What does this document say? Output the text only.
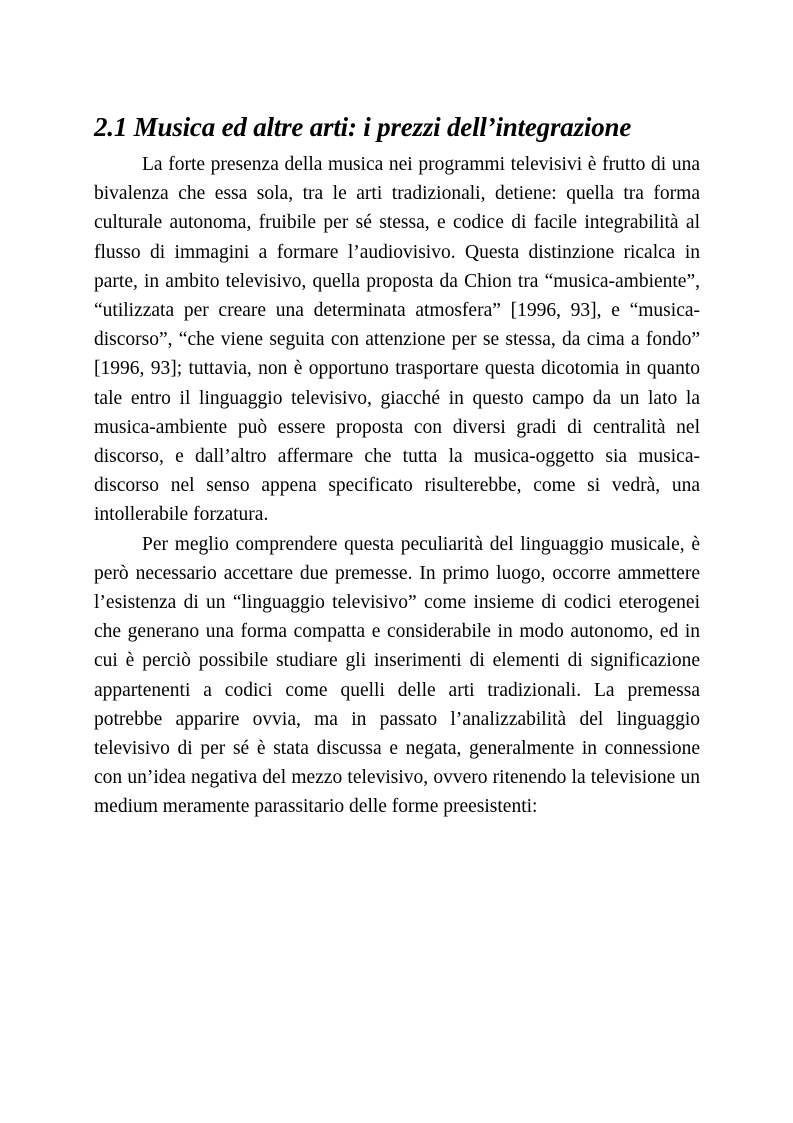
2.1 Musica ed altre arti: i prezzi dell’integrazione

La forte presenza della musica nei programmi televisivi è frutto di una bivalenza che essa sola, tra le arti tradizionali, detiene: quella tra forma culturale autonoma, fruibile per sé stessa, e codice di facile integrabilità al flusso di immagini a formare l’audiovisivo. Questa distinzione ricalca in parte, in ambito televisivo, quella proposta da Chion tra “musica-ambiente”, “utilizzata per creare una determinata atmosfera” [1996, 93], e “musica-discorso”, “che viene seguita con attenzione per se stessa, da cima a fondo” [1996, 93]; tuttavia, non è opportuno trasportare questa dicotomia in quanto tale entro il linguaggio televisivo, giacché in questo campo da un lato la musica-ambiente può essere proposta con diversi gradi di centralità nel discorso, e dall’altro affermare che tutta la musica-oggetto sia musica-discorso nel senso appena specificato risulterebbe, come si vedrà, una intollerabile forzatura.

Per meglio comprendere questa peculiarità del linguaggio musicale, è però necessario accettare due premesse. In primo luogo, occorre ammettere l’esistenza di un “linguaggio televisivo” come insieme di codici eterogenei che generano una forma compatta e considerabile in modo autonomo, ed in cui è perciò possibile studiare gli inserimenti di elementi di significazione appartenenti a codici come quelli delle arti tradizionali. La premessa potrebbe apparire ovvia, ma in passato l’analizzabilità del linguaggio televisivo di per sé è stata discussa e negata, generalmente in connessione con un’idea negativa del mezzo televisivo, ovvero ritenendo la televisione un medium meramente parassitario delle forme preesistenti:
